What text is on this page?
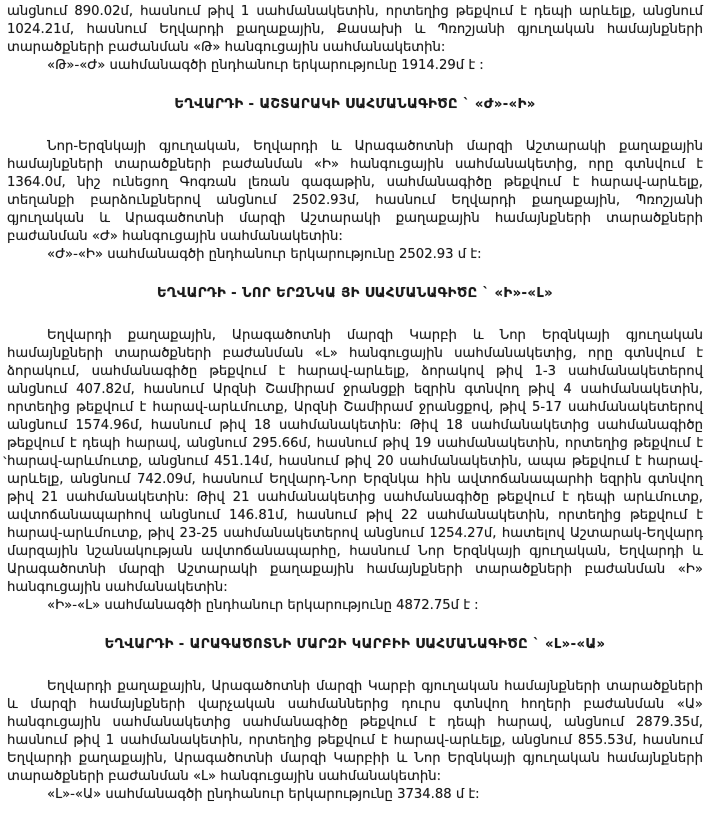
անցնում 890.02մ, հասնում թիվ 1 սահմանակետին, որտեղից թեքվում է դեպի արևելք, անցնում 1024.21մ, հասնում Եղվարդի քաղաքային, Քասախի և Պռոշյանի գյուղական համայնքների տարածքների բաժանման «Թ» հանգուցային սահմանակետին:

«Թ»-«Ժ» սահմանագծի ընդհանուր երկարությունը 1914.29մ է :

ԵՂՎԱՐԴԻ - ԱՇՏԱՐԱԿԻ ՍԱՀՄԱՆԱԳԻԾԸ ` «Ժ»-«Ի»

Նոր-Երզնկայի գյուղական, Եղվարդի և Արագածոտնի մարզի Աշտարակի քաղաքային համայնքների տարածքների բաժանման «Ի» հանգուցային սահմանակետից, որը գտնվում է 1364.0մ, նիշ ունեցող Գոգռան լեռան գագաթին, սահմանագիծը թեքվում է հարավ-արևելք, տեղանքի բարձունքներով անցնում 2502.93մ, հասնում Եղվարդի քաղաքային, Պռոշյանի գյուղական և Արագածոտնի մարզի Աշտարակի քաղաքային համայնքների տարածքների բաժանման «Ժ» հանգուցային սահմանակետին:

«Ժ»-«Ի» սահմանագծի ընդհանուր երկարությունը 2502.93 մ է:

ԵՂՎԱՐԴԻ - ՆՈՐ ԵՐԶՆԿԱ ՅԻ ՍԱՀՄԱՆԱԳԻԾԸ ` «Ի»-«Լ»

Եղվարդի քաղաքային, Արագածոտնի մարզի Կարբի և Նոր Երզնկայի գյուղական համայնքների տարածքների բաժանման «Լ» հանգուցային սահմանակետից, որը գտնվում է ձորակում, սահմանագիծը թեքվում է հարավ-արևելք, ձորակով թիվ 1-3 սահմանակետերով անցնում 407.82մ, հասնում Արզնի Շամիրամ ջրանցքի եզրին գտնվող թիվ 4 սահմանակետին, որտեղից թեքվում է հարավ-արևմուտք, Արզնի Շամիրամ ջրանցքով, թիվ 5-17 սահմանակետերով անցնում 1574.96մ, հասնում թիվ 18 սահմանակետին: Թիվ 18 սահմանակետից սահմանագիծը թեքվում է դեպի հարավ, անցնում 295.66մ, հասնում թիվ 19 սահմանակետին, որտեղից թեքվում է հարավ-արևմուտք, անցնում 451.14մ, հասնում թիվ 20 սահմանակետին, ապա թեքվում է հարավ-արևելք, անցնում 742.09մ, հասնում Եղվարդ-Նոր Երզնկա հին ավտոճանապարհի եզրին գտնվող թիվ 21 սահմանակետին: Թիվ 21 սահմանակետից սահմանագիծը թեքվում է դեպի արևմուտք, ավտոճանապարհով անցնում 146.81մ, հասնում թիվ 22 սահմանակետին, որտեղից թեքվում է հարավ-արևմուտք, թիվ 23-25 սահմանակետերով անցնում 1254.27մ, հատելով Աշտարակ-Եղվարդ մարզային նշանակության ավտոճանապարհը, հասնում Նոր Երզնկայի գյուղական, Եղվարդի և Արագածոտնի մարզի Աշտարակի քաղաքային համայնքների տարածքների բաժանման «Ի» հանգուցային սահմանակետին:

«Ի»-«Լ» սահմանագծի ընդհանուր երկարությունը 4872.75մ է :

ԵՂՎԱՐԴԻ - ԱՐԱԳԱԾՈՏՆԻ ՄԱՐԶԻ ԿԱՐԲԻԻ ՍԱՀՄԱՆԱԳԻԾԸ ` «Լ»-«Ա»

Եղվարդի քաղաքային, Արագածոտնի մարզի Կարբի գյուղական համայնքների տարածքների և մարզի համայնքների վարչական սահմաններից դուրս գտնվող հողերի բաժանման «Ա» հանգուցային սահմանակետից սահմանագիծը թեքվում է դեպի հարավ, անցնում 2879.35մ, հասնում թիվ 1 սահմանակետին, որտեղից թեքվում է հարավ-արևելք, անցնում 855.53մ, հասնում Եղվարդի քաղաքային, Արագածոտնի մարզի Կարբիի և Նոր Երզնկայի գյուղական համայնքների տարածքների բաժանման «Լ» հանգուցային սահմանակետին:

«Լ»-«Ա» սահմանագծի ընդհանուր երկարությունը 3734.88 մ է:

`
